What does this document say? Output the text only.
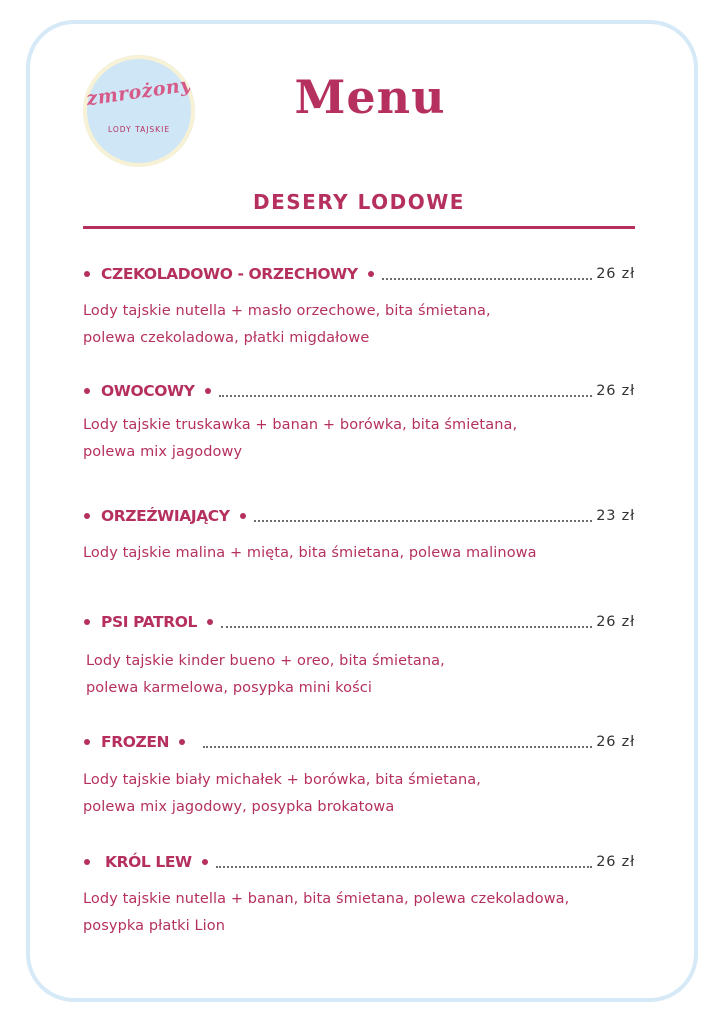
zmrożony
LODY TAJSKIE
Menu
DESERY LODOWE
CZEKOLADOWO - ORZECHOWY	26 zł
Lody tajskie nutella + masło orzechowe, bita śmietana,
polewa czekoladowa, płatki migdałowe
OWOCOWY	26 zł
Lody tajskie truskawka + banan + borówka, bita śmietana,
polewa mix jagodowy
ORZEŹWIAJĄCY	23 zł
Lody tajskie malina + mięta, bita śmietana, polewa malinowa
PSI PATROL	26 zł
Lody tajskie kinder bueno + oreo, bita śmietana,
polewa karmelowa, posypka mini kości
FROZEN	26 zł
Lody tajskie biały michałek + borówka, bita śmietana,
polewa mix jagodowy, posypka brokatowa
KRÓL LEW	26 zł
Lody tajskie nutella + banan, bita śmietana, polewa czekoladowa,
posypka płatki Lion
